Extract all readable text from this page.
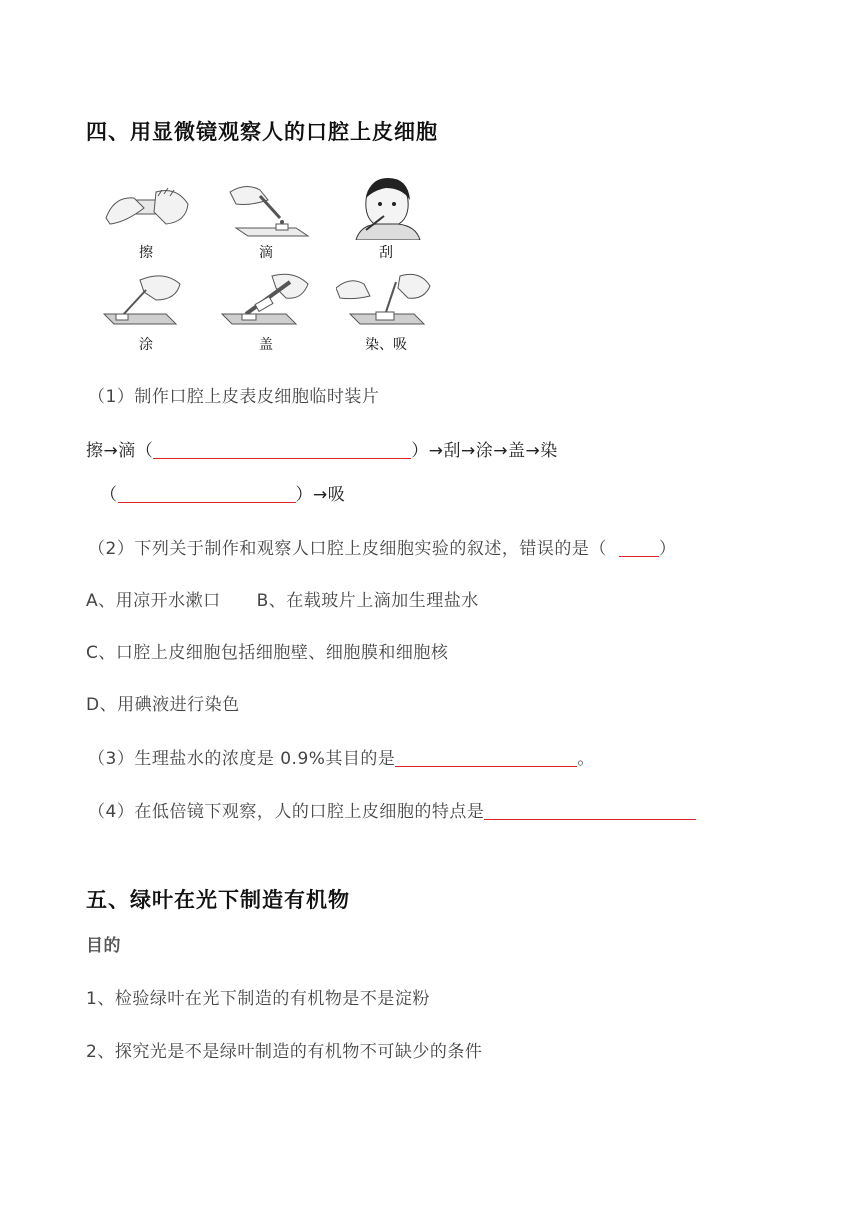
四、用显微镜观察人的口腔上皮细胞
擦	滴	刮
涂	盖	染、吸
（1）制作口腔上皮表皮细胞临时装片
擦→滴（	）→刮→涂→盖→染
（	）→吸
（2）下列关于制作和观察人口腔上皮细胞实验的叙述，错误的是（	）
A、用凉开水漱口 B、在载玻片上滴加生理盐水
C、口腔上皮细胞包括细胞壁、细胞膜和细胞核
D、用碘液进行染色
（3）生理盐水的浓度是 0.9%其目的是	。
（4）在低倍镜下观察，人的口腔上皮细胞的特点是
五、绿叶在光下制造有机物
目的
1、检验绿叶在光下制造的有机物是不是淀粉
2、探究光是不是绿叶制造的有机物不可缺少的条件
